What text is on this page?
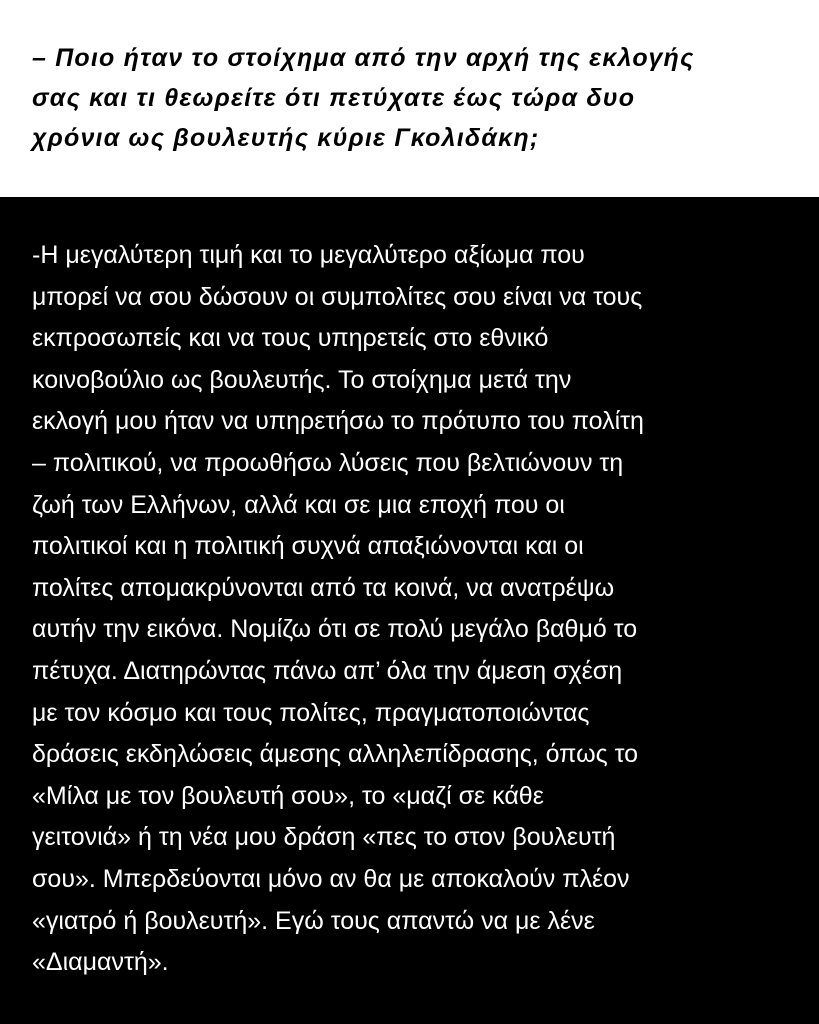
– Ποιο ήταν το στοίχημα από την αρχή της εκλογής
σας και τι θεωρείτε ότι πετύχατε έως τώρα δυο
χρόνια ως βουλευτής κύριε Γκολιδάκη;

-Η μεγαλύτερη τιμή και το μεγαλύτερο αξίωμα που
μπορεί να σου δώσουν οι συμπολίτες σου είναι να τους
εκπροσωπείς και να τους υπηρετείς στο εθνικό
κοινοβούλιο ως βουλευτής. Το στοίχημα μετά την
εκλογή μου ήταν να υπηρετήσω το πρότυπο του πολίτη
– πολιτικού, να προωθήσω λύσεις που βελτιώνουν τη
ζωή των Ελλήνων, αλλά και σε μια εποχή που οι
πολιτικοί και η πολιτική συχνά απαξιώνονται και οι
πολίτες απομακρύνονται από τα κοινά, να ανατρέψω
αυτήν την εικόνα. Νομίζω ότι σε πολύ μεγάλο βαθμό το
πέτυχα. Διατηρώντας πάνω απ’ όλα την άμεση σχέση
με τον κόσμο και τους πολίτες, πραγματοποιώντας
δράσεις εκδηλώσεις άμεσης αλληλεπίδρασης, όπως το
«Μίλα με τον βουλευτή σου», το «μαζί σε κάθε
γειτονιά» ή τη νέα μου δράση «πες το στον βουλευτή
σου». Μπερδεύονται μόνο αν θα με αποκαλούν πλέον
«γιατρό ή βουλευτή». Εγώ τους απαντώ να με λένε
«Διαμαντή».
